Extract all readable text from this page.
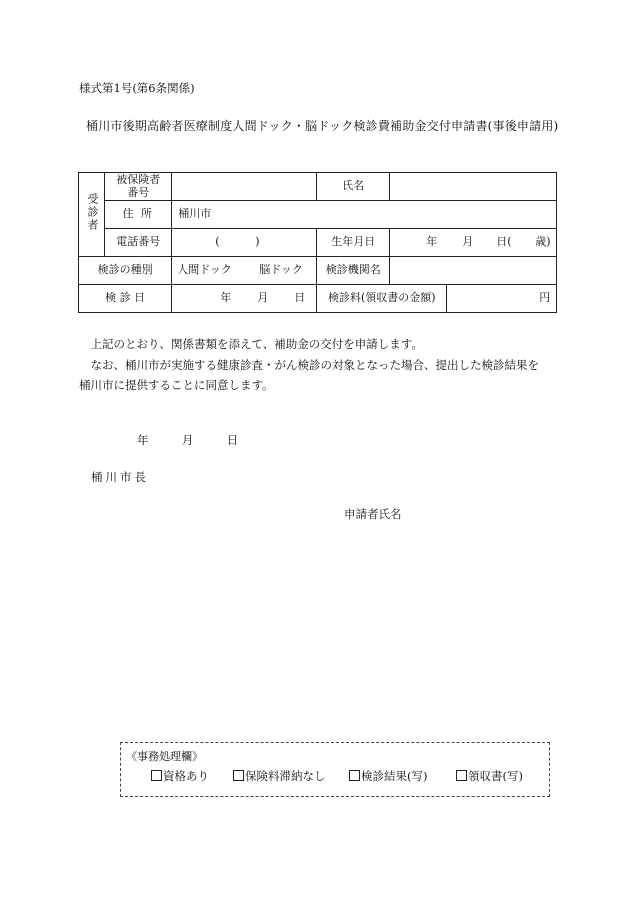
様式第1号(第6条関係)
桶川市後期高齢者医療制度人間ドック・脳ドック検診費補助金交付申請書(事後申請用)
受診者	被保険者番号		氏名		
	住 所	桶川市			
	電話番号	( )	生年月日	年 月 日( 歳)	

検診の種別		人間ドック 脳ドック	検診機関名		
検 診 日		年 月 日	検診料(領収書の金額)		円
　上記のとおり、関係書類を添えて、補助金の交付を申請します。
　なお、桶川市が実施する健康診査・がん検診の対象となった場合、提出した検診結果を
桶川市に提供することに同意します。
年	月	日
桶川市長
申請者氏名
《事務処理欄》
資格あり	保険料滞納なし	検診結果(写)	領収書(写)
